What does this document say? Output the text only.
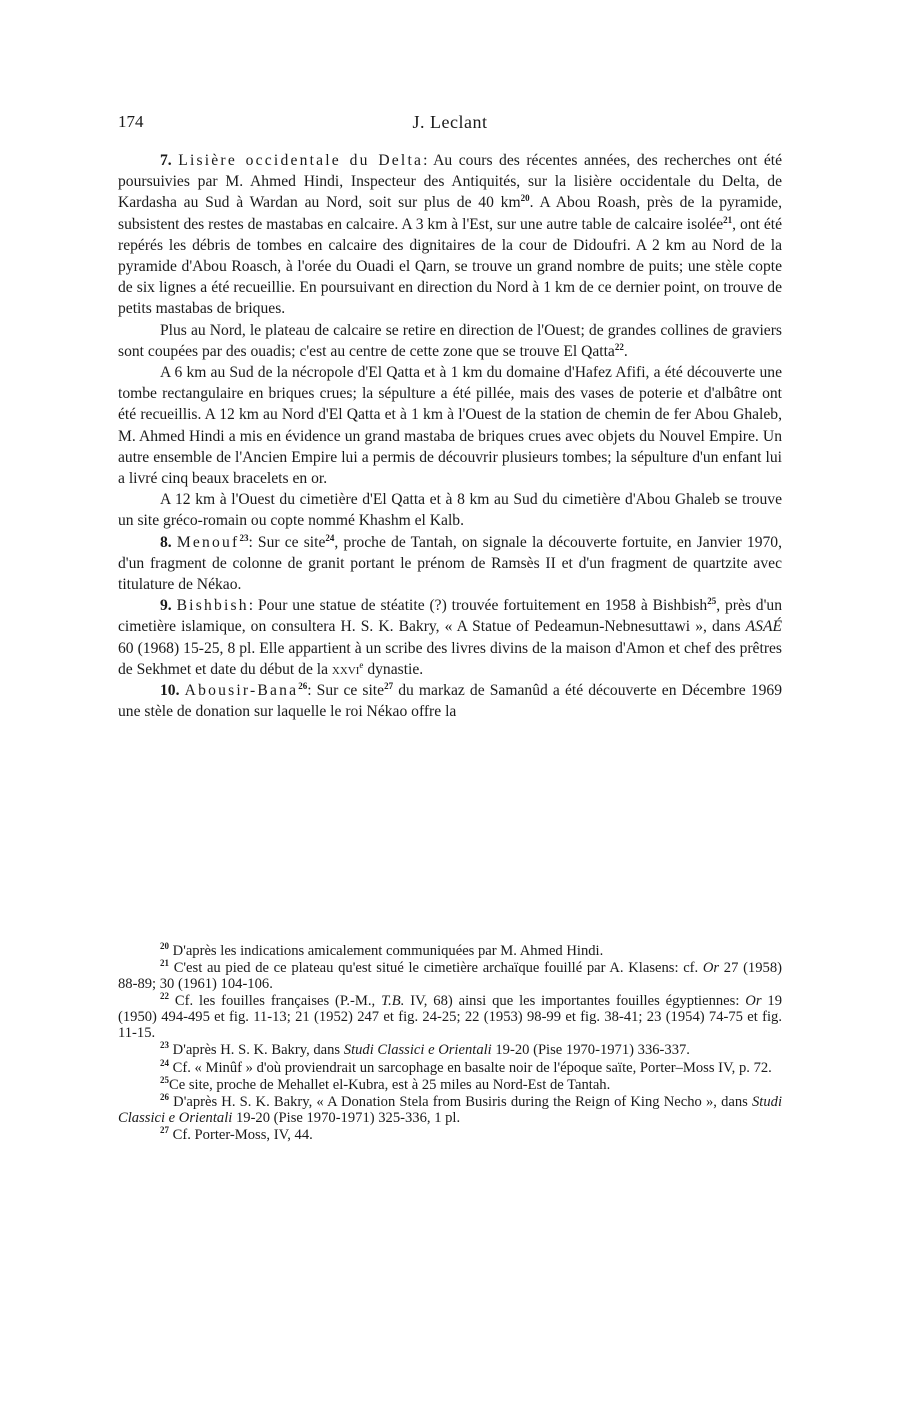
174	J. Leclant

7. Lisière occidentale du Delta: Au cours des récentes années, des recherches ont été poursuivies par M. Ahmed Hindi, Inspecteur des Antiquités, sur la lisière occidentale du Delta, de Kardasha au Sud à Wardan au Nord, soit sur plus de 40 $km^{20}$. A Abou Roash, près de la pyramide, subsistent des restes de mastabas en calcaire. A 3 km à l'Est, sur une autre table de calcaire isolée$^{21}$, ont été repérés les débris de tombes en calcaire des dignitaires de la cour de Didoufri. A 2 km au Nord de la pyramide d'Abou Roasch, à l'orée du Ouadi el Qarn, se trouve un grand nombre de puits; une stèle copte de six lignes a été recueillie. En poursuivant en direction du Nord à 1 km de ce dernier point, on trouve de petits mastabas de briques.

Plus au Nord, le plateau de calcaire se retire en direction de l'Ouest; de grandes collines de graviers sont coupées par des ouadis; c'est au centre de cette zone que se trouve El Qatta$^{22}$.

A 6 km au Sud de la nécropole d'El Qatta et à 1 km du domaine d'Hafez Afifi, a été découverte une tombe rectangulaire en briques crues; la sépulture a été pillée, mais des vases de poterie et d'albâtre ont été recueillis. A 12 km au Nord d'El Qatta et à 1 km à l'Ouest de la station de chemin de fer Abou Ghaleb, M. Ahmed Hindi a mis en évidence un grand mastaba de briques crues avec objets du Nouvel Empire. Un autre ensemble de l'Ancien Empire lui a permis de découvrir plusieurs tombes; la sépulture d'un enfant lui a livré cinq beaux bracelets en or.

A 12 km à l'Ouest du cimetière d'El Qatta et à 8 km au Sud du cimetière d'Abou Ghaleb se trouve un site gréco-romain ou copte nommé Khashm el Kalb.

8. Menouf$^{23}$: Sur ce site$^{24}$, proche de Tantah, on signale la découverte fortuite, en Janvier 1970, d'un fragment de colonne de granit portant le prénom de Ramsès II et d'un fragment de quartzite avec titulature de Nékao.

9. Bishbish: Pour une statue de stéatite (?) trouvée fortuitement en 1958 à Bishbish$^{25}$, près d'un cimetière islamique, on consultera H. S. K. Bakry, « A Statue of Pedeamun-Nebnesuttawi », dans ASAÉ 60 (1968) 15-25, 8 pl. Elle appartient à un scribe des livres divins de la maison d'Amon et chef des prêtres de Sekhmet et date du début de la xxvi$^e$ dynastie.

10. Abousir-Bana$^{26}$: Sur ce site$^{27}$ du markaz de Samanûd a été découverte en Décembre 1969 une stèle de donation sur laquelle le roi Nékao offre la

$^{20}$ D'après les indications amicalement communiquées par M. Ahmed Hindi.

$^{21}$ C'est au pied de ce plateau qu'est situé le cimetière archaïque fouillé par A. Klasens: cf. Or 27 (1958) 88-89; 30 (1961) 104-106.

$^{22}$ Cf. les fouilles françaises (P.-M., T.B. IV, 68) ainsi que les importantes fouilles égyptiennes: Or 19 (1950) 494-495 et fig. 11-13; 21 (1952) 247 et fig. 24-25; 22 (1953) 98-99 et fig. 38-41; 23 (1954) 74-75 et fig. 11-15.

$^{23}$ D'après H. S. K. Bakry, dans Studi Classici e Orientali 19-20 (Pise 1970-1971) 336-337.

$^{24}$ Cf. « Minûf » d'où proviendrait un sarcophage en basalte noir de l'époque saïte, Porter–Moss IV, p. 72.

$^{25}$Ce site, proche de Mehallet el-Kubra, est à 25 miles au Nord-Est de Tantah.

$^{26}$ D'après H. S. K. Bakry, « A Donation Stela from Busiris during the Reign of King Necho », dans Studi Classici e Orientali 19-20 (Pise 1970-1971) 325-336, 1 pl.

$^{27}$ Cf. Porter-Moss, IV, 44.
